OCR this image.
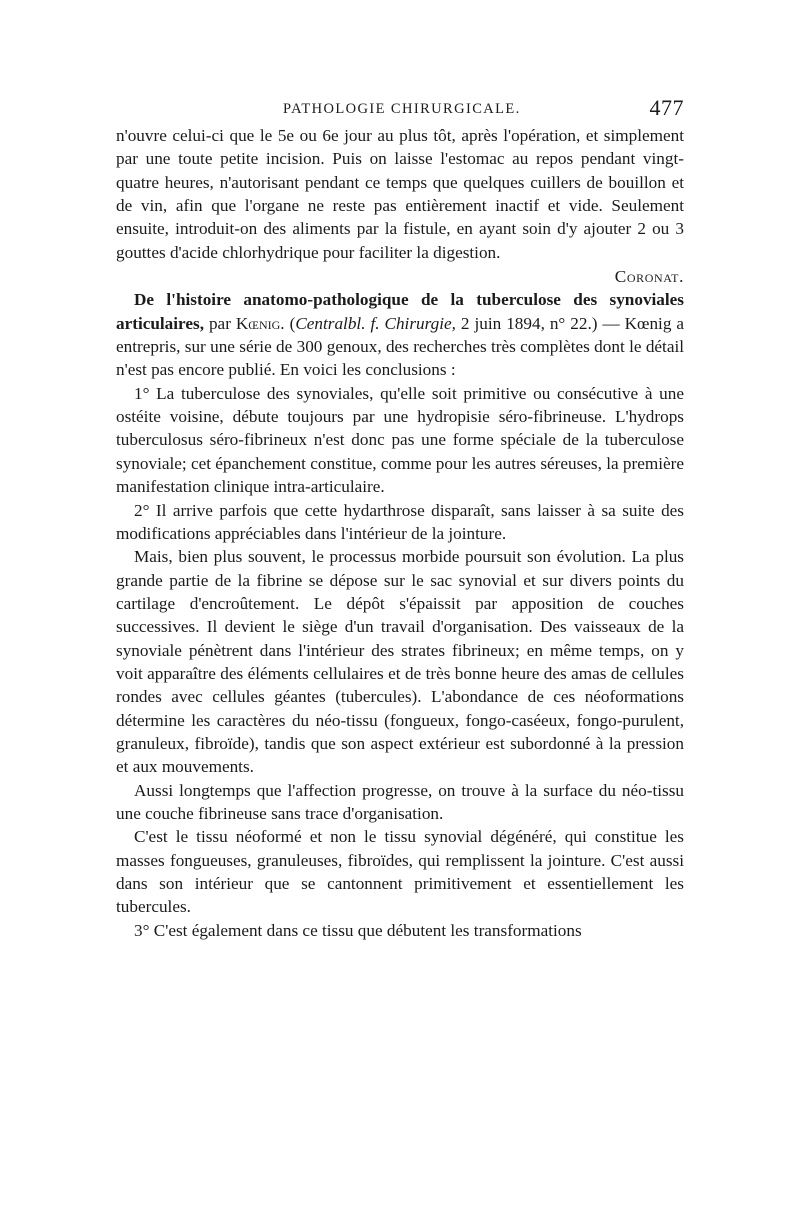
PATHOLOGIE CHIRURGICALE.	477

n'ouvre celui-ci que le 5e ou 6e jour au plus tôt, après l'opération, et simplement par une toute petite incision. Puis on laisse l'estomac au repos pendant vingt-quatre heures, n'autorisant pendant ce temps que quelques cuillers de bouillon et de vin, afin que l'organe ne reste pas entièrement inactif et vide. Seulement ensuite, introduit-on des aliments par la fistule, en ayant soin d'y ajouter 2 ou 3 gouttes d'acide chlorhydrique pour faciliter la digestion.

Coronat.

De l'histoire anatomo-pathologique de la tuberculose des synoviales articulaires, par Kœnig. (Centralbl. f. Chirurgie, 2 juin 1894, n° 22.) — Kœnig a entrepris, sur une série de 300 genoux, des recherches très complètes dont le détail n'est pas encore publié. En voici les conclusions :

1° La tuberculose des synoviales, qu'elle soit primitive ou consécutive à une ostéite voisine, débute toujours par une hydropisie séro-fibrineuse. L'hydrops tuberculosus séro-fibrineux n'est donc pas une forme spéciale de la tuberculose synoviale; cet épanchement constitue, comme pour les autres séreuses, la première manifestation clinique intra-articulaire.

2° Il arrive parfois que cette hydarthrose disparaît, sans laisser à sa suite des modifications appréciables dans l'intérieur de la jointure.

Mais, bien plus souvent, le processus morbide poursuit son évolution. La plus grande partie de la fibrine se dépose sur le sac synovial et sur divers points du cartilage d'encroûtement. Le dépôt s'épaissit par apposition de couches successives. Il devient le siège d'un travail d'organisation. Des vaisseaux de la synoviale pénètrent dans l'intérieur des strates fibrineux; en même temps, on y voit apparaître des éléments cellulaires et de très bonne heure des amas de cellules rondes avec cellules géantes (tubercules). L'abondance de ces néoformations détermine les caractères du néo-tissu (fongueux, fongo-caséeux, fongo-purulent, granuleux, fibroïde), tandis que son aspect extérieur est subordonné à la pression et aux mouvements.

Aussi longtemps que l'affection progresse, on trouve à la surface du néo-tissu une couche fibrineuse sans trace d'organisation.

C'est le tissu néoformé et non le tissu synovial dégénéré, qui constitue les masses fongueuses, granuleuses, fibroïdes, qui remplissent la jointure. C'est aussi dans son intérieur que se cantonnent primitivement et essentiellement les tubercules.

3° C'est également dans ce tissu que débutent les transformations
